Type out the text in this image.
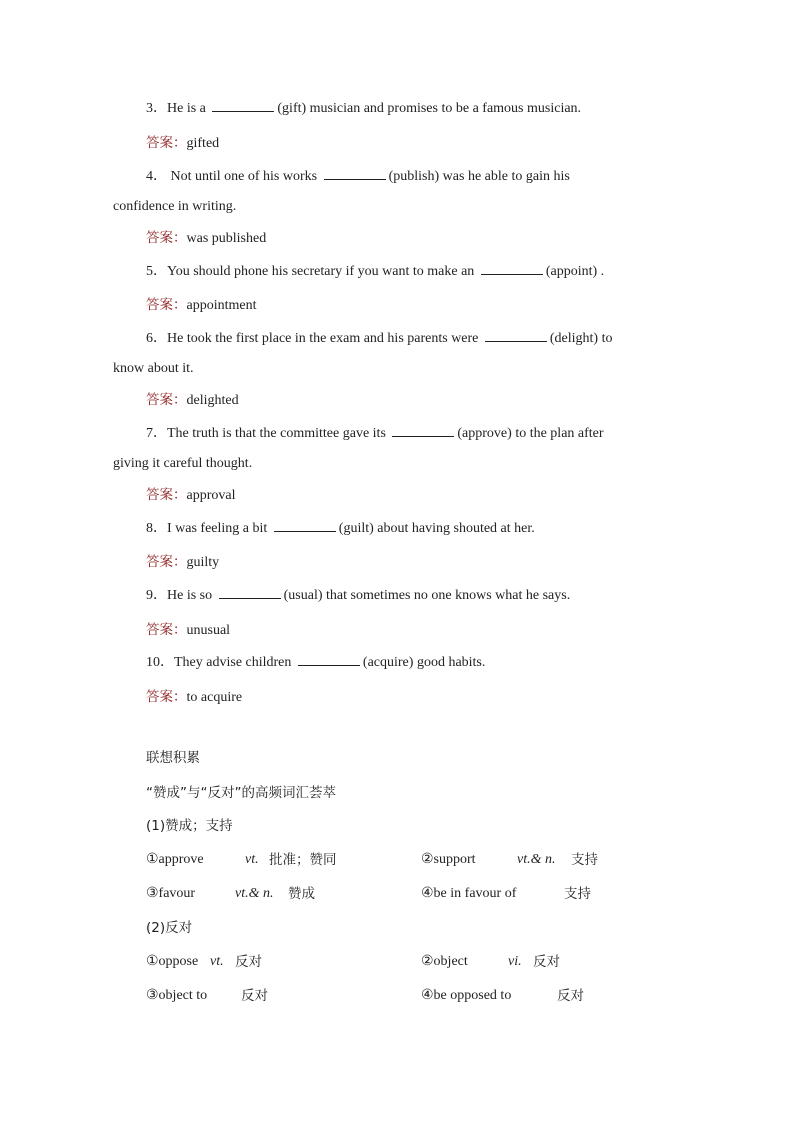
3．He is a	(gift) musician and promises to be a famous musician.
答案：gifted
4． Not until one of his works	(publish) was he able to gain his
confidence in writing.
答案：was published
5．You should phone his secretary if you want to make an	(appoint) .
答案：appointment
6．He took the first place in the exam and his parents were	(delight) to
know about it.
答案：delighted
7．The truth is that the committee gave its	(approve) to the plan after
giving it careful thought.
答案：approval
8．I was feeling a bit	(guilt) about having shouted at her.
答案：guilty
9．He is so	(usual) that sometimes no one knows what he says.
答案：unusual
10．They advise children	(acquire) good habits.
答案：to acquire
联想积累
“赞成”与“反对”的高频词汇荟萃
(1)赞成；支持
①approve	vt. 批准；赞同	②support	vt.& n. 支持
③favour	vt.& n. 赞成	④be in favour of	支持
(2)反对
①oppose vt. 反对	②object	vi. 反对
③object to	反对	④be opposed to	反对
